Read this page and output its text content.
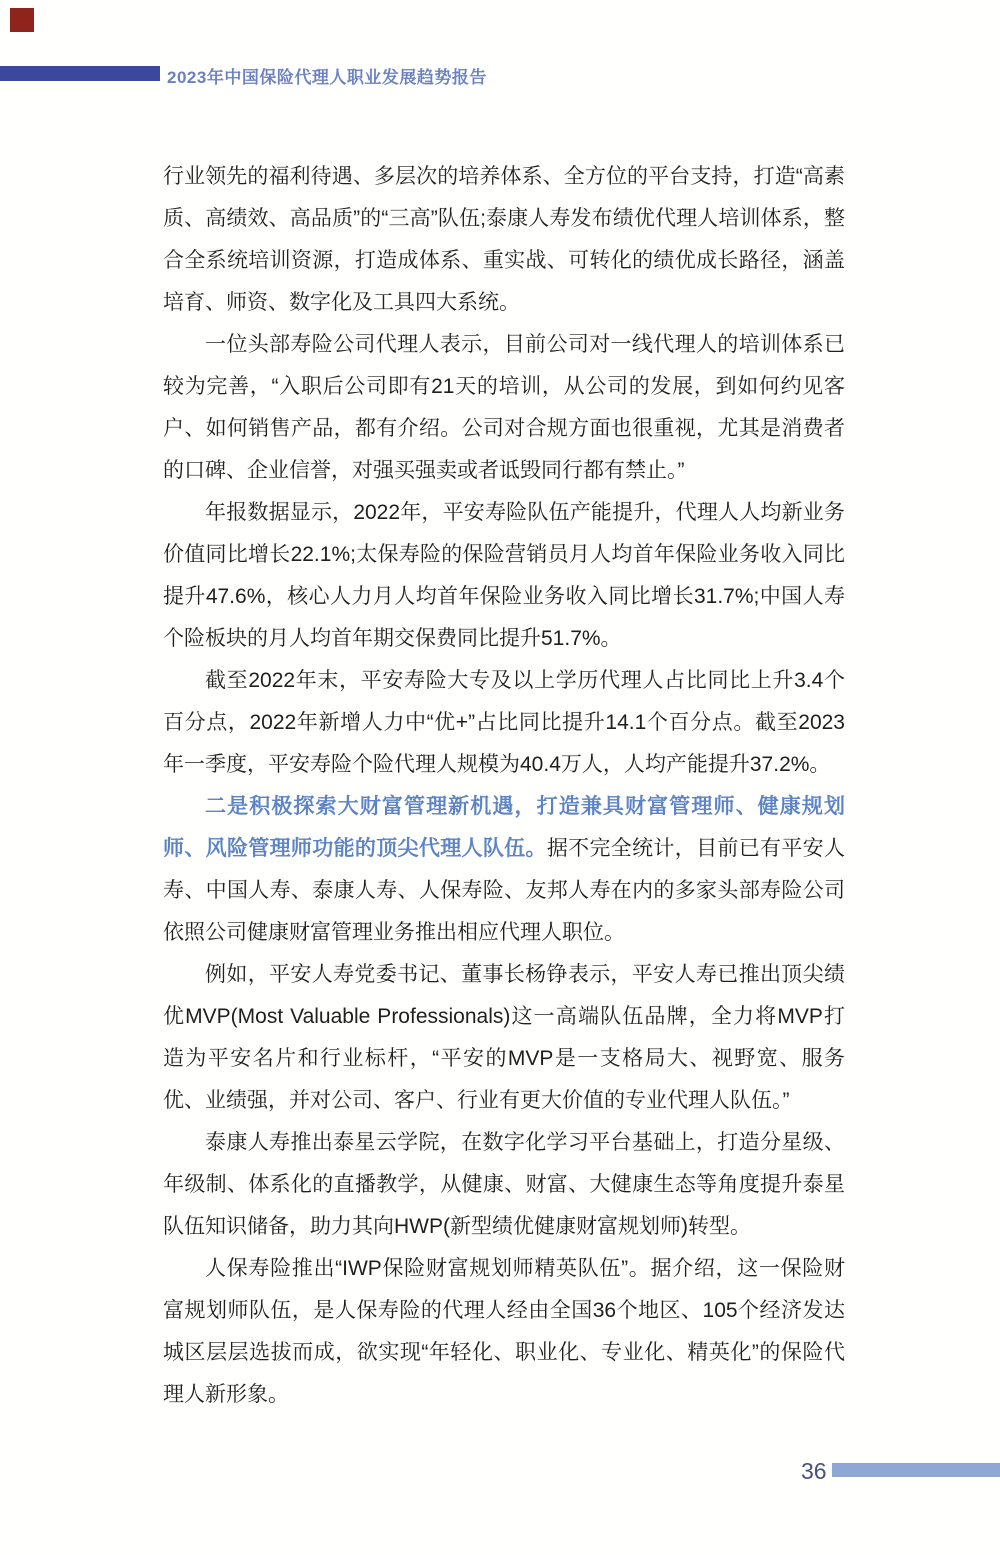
2023年中国保险代理人职业发展趋势报告

行业领先的福利待遇、多层次的培养体系、全方位的平台支持，打造“高素质、高绩效、高品质”的“三高”队伍;泰康人寿发布绩优代理人培训体系，整合全系统培训资源，打造成体系、重实战、可转化的绩优成长路径，涵盖培育、师资、数字化及工具四大系统。

一位头部寿险公司代理人表示，目前公司对一线代理人的培训体系已较为完善，“入职后公司即有21天的培训，从公司的发展，到如何约见客户、如何销售产品，都有介绍。公司对合规方面也很重视，尤其是消费者的口碑、企业信誉，对强买强卖或者诋毁同行都有禁止。”

年报数据显示，2022年，平安寿险队伍产能提升，代理人人均新业务价值同比增长22.1%;太保寿险的保险营销员月人均首年保险业务收入同比提升47.6%，核心人力月人均首年保险业务收入同比增长31.7%;中国人寿个险板块的月人均首年期交保费同比提升51.7%。

截至2022年末，平安寿险大专及以上学历代理人占比同比上升3.4个百分点，2022年新增人力中“优+”占比同比提升14.1个百分点。截至2023年一季度，平安寿险个险代理人规模为40.4万人，人均产能提升37.2%。

二是积极探索大财富管理新机遇，打造兼具财富管理师、健康规划师、风险管理师功能的顶尖代理人队伍。据不完全统计，目前已有平安人寿、中国人寿、泰康人寿、人保寿险、友邦人寿在内的多家头部寿险公司依照公司健康财富管理业务推出相应代理人职位。

例如，平安人寿党委书记、董事长杨铮表示，平安人寿已推出顶尖绩优MVP(Most Valuable Professionals)这一高端队伍品牌，全力将MVP打造为平安名片和行业标杆，“平安的MVP是一支格局大、视野宽、服务优、业绩强，并对公司、客户、行业有更大价值的专业代理人队伍。”

泰康人寿推出泰星云学院，在数字化学习平台基础上，打造分星级、年级制、体系化的直播教学，从健康、财富、大健康生态等角度提升泰星队伍知识储备，助力其向HWP(新型绩优健康财富规划师)转型。

人保寿险推出“IWP保险财富规划师精英队伍”。据介绍，这一保险财富规划师队伍，是人保寿险的代理人经由全国36个地区、105个经济发达城区层层选拔而成，欲实现“年轻化、职业化、专业化、精英化”的保险代理人新形象。

36
